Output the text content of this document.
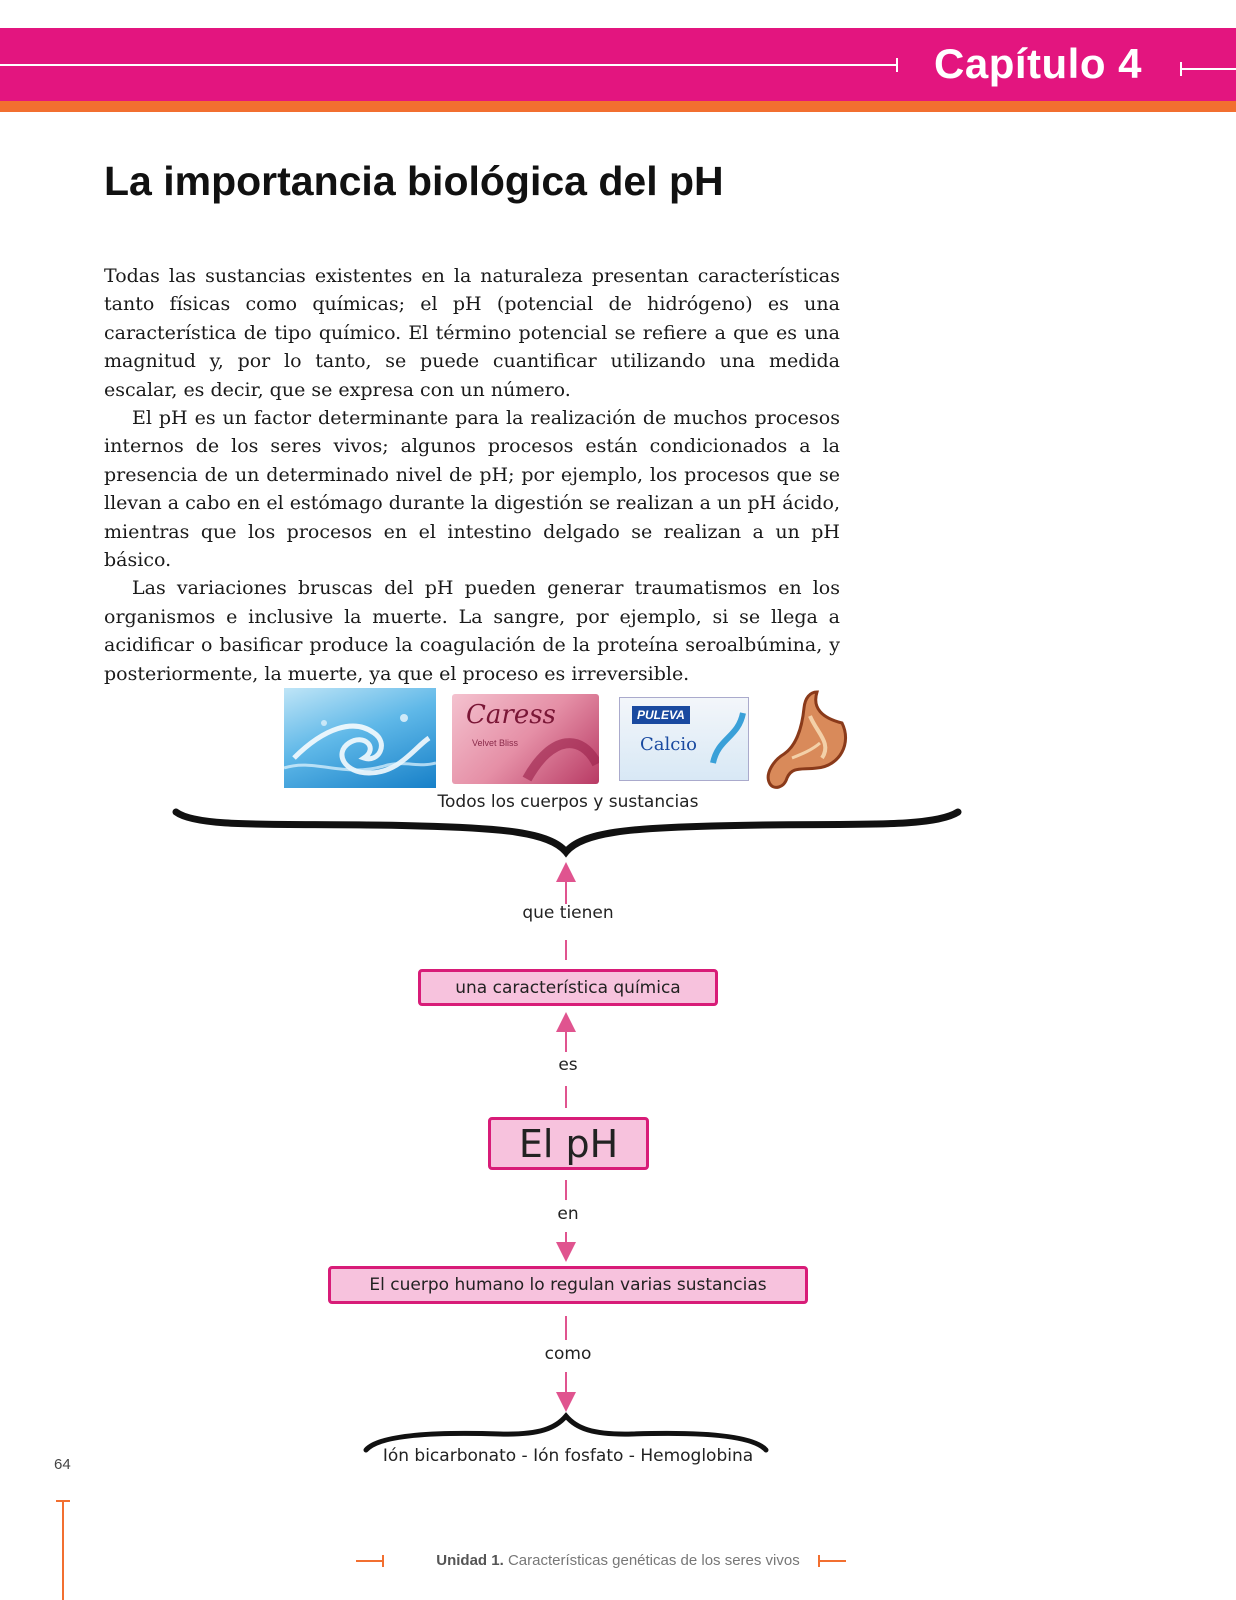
Capítulo 4
La importancia biológica del pH

Todas las sustancias existentes en la naturaleza presentan características tanto físicas como químicas; el pH (potencial de hidrógeno) es una característica de tipo químico. El término potencial se refiere a que es una magnitud y, por lo tanto, se puede cuantificar utilizando una medida escalar, es decir, que se expresa con un número.

El pH es un factor determinante para la realización de muchos procesos internos de los seres vivos; algunos procesos están condicionados a la presencia de un determinado nivel de pH; por ejemplo, los procesos que se llevan a cabo en el estómago durante la digestión se realizan a un pH ácido, mientras que los procesos en el intestino delgado se realizan a un pH básico.

Las variaciones bruscas del pH pueden generar traumatismos en los organismos e inclusive la muerte. La sangre, por ejemplo, si se llega a acidificar o basificar produce la coagulación de la proteína seroalbúmina, y posteriormente, la muerte, ya que el proceso es irreversible.

Caress
Velvet Bliss
PULEVA
Calcio
Todos los cuerpos y sustancias
que tienen
una característica química
es
El pH
en
El cuerpo humano lo regulan varias sustancias
como
Ión bicarbonato - Ión fosfato - Hemoglobina
64
Unidad 1. Características genéticas de los seres vivos
